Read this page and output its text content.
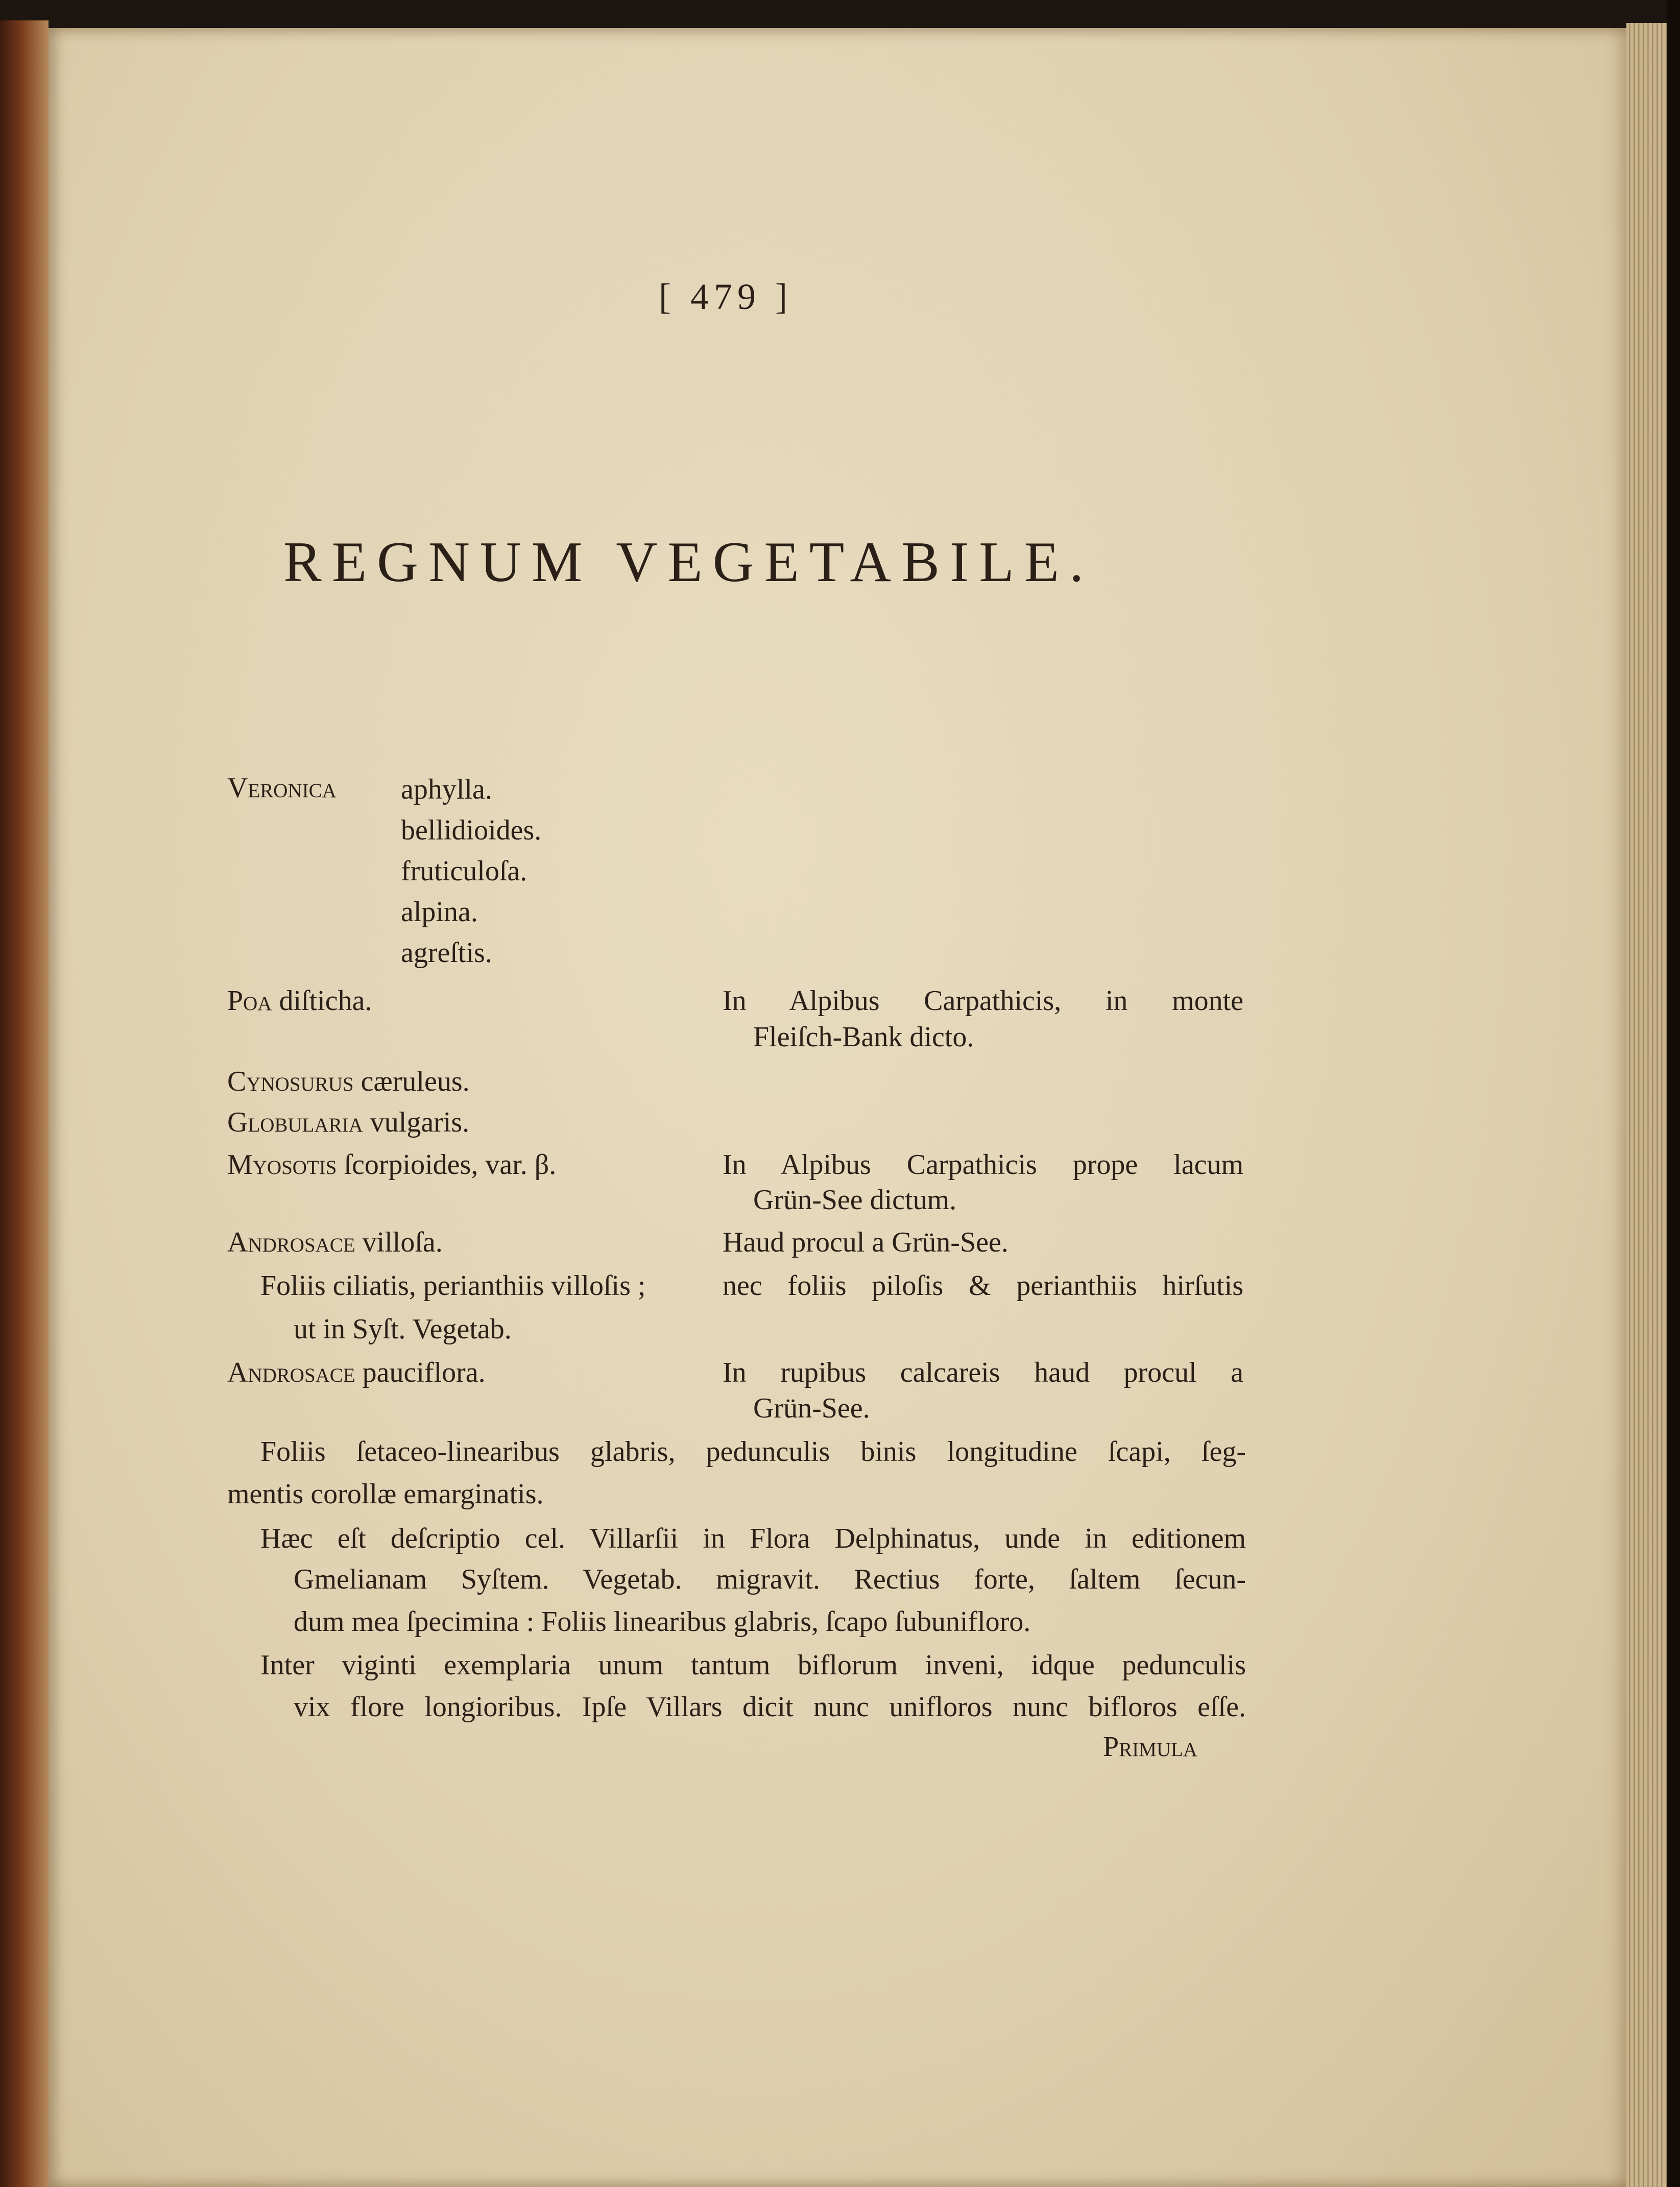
[ 479 ]
REGNUM VEGETABILE.
Veronica aphylla.
bellidioides.
fruticuloſa.
alpina.
agreſtis.
Poa diſticha.	In Alpibus Carpathicis, in monte
Fleiſch-Bank dicto.
Cynosurus cæruleus.
Globularia vulgaris.
Myosotis ſcorpioides, var. β.	In Alpibus Carpathicis prope lacum
Grün-See dictum.
Androsace villoſa.	Haud procul a Grün-See.
Foliis ciliatis, perianthiis villoſis ;	nec foliis piloſis & perianthiis hirſutis
ut in Syſt. Vegetab.
Androsace pauciflora.	In rupibus calcareis haud procul a
Grün-See.
Foliis ſetaceo-linearibus glabris, pedunculis binis longitudine ſcapi, ſeg-
mentis corollæ emarginatis.
Hæc eſt deſcriptio cel. Villarſii in Flora Delphinatus, unde in editionem
Gmelianam Syſtem. Vegetab. migravit. Rectius forte, ſaltem ſecun-
dum mea ſpecimina : Foliis linearibus glabris, ſcapo ſubunifloro.
Inter viginti exemplaria unum tantum biflorum inveni, idque pedunculis
vix flore longioribus. Ipſe Villars dicit nunc unifloros nunc bifloros eſſe.
Primula
